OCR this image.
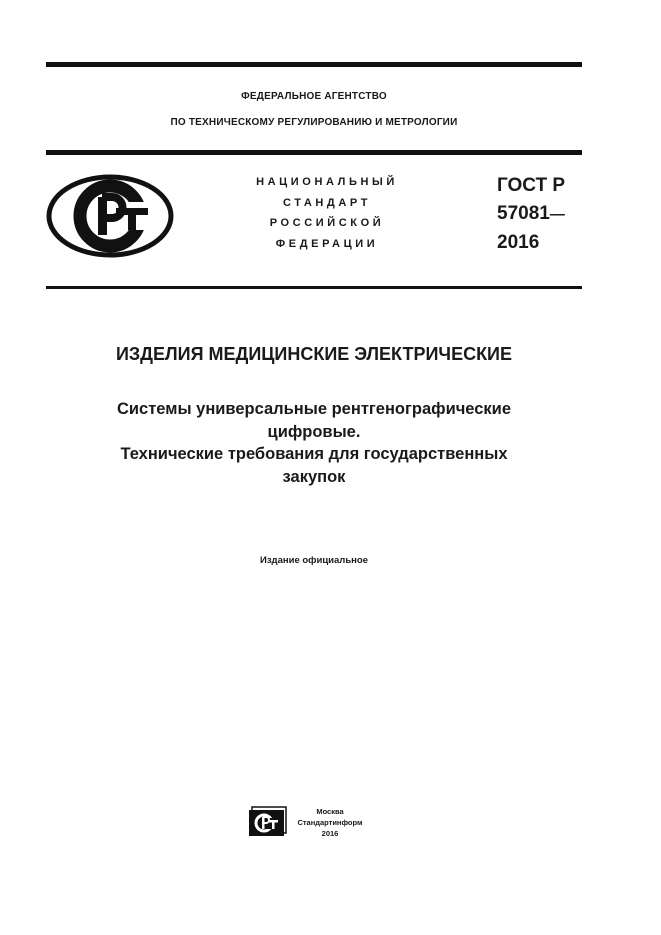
ФЕДЕРАЛЬНОЕ АГЕНТСТВО
ПО ТЕХНИЧЕСКОМУ РЕГУЛИРОВАНИЮ И МЕТРОЛОГИИ
НАЦИОНАЛЬНЫЙ
СТАНДАРТ
РОССИЙСКОЙ
ФЕДЕРАЦИИ
ГОСТ Р
57081—
2016
ИЗДЕЛИЯ МЕДИЦИНСКИЕ ЭЛЕКТРИЧЕСКИЕ
Системы универсальные рентгенографические
цифровые.
Технические требования для государственных
закупок
Издание официальное
Москва
Стандартинформ
2016
